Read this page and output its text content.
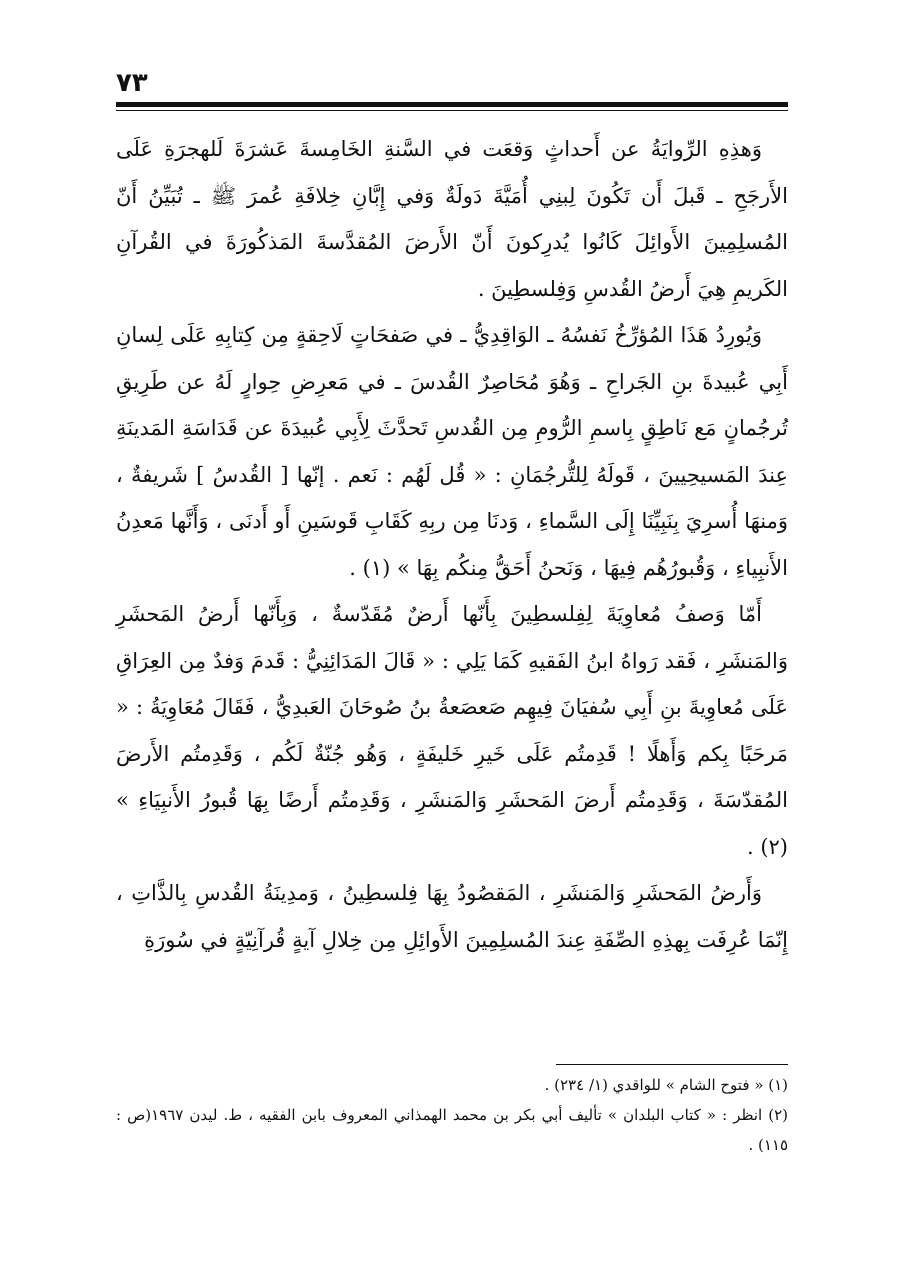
٧٣

وَهذِهِ الرِّوايَةُ عن أَحداثٍ وَقعَت في السَّنةِ الخَامِسةَ عَشرَةَ لَلهجرَةِ عَلَى الأَرجَحِ ـ قَبلَ أَن تَكُونَ لِبنِي أُمَيَّةَ دَولَةٌ وَفي إِبَّانِ خِلافَةِ عُمرَ ﷺ ـ تُبَيِّنُ أَنّ المُسلِمِينَ الأَوائِلَ كَانُوا يُدرِكونَ أَنّ الأَرضَ المُقدَّسةَ المَذكُورَةَ في القُرآنِ الكَريمِ هِيَ أَرضُ القُدسِ وَفِلسطِينَ .

وَيُورِدُ هَذَا المُؤرِّخُ نَفسُهُ ـ الوَاقِدِيُّ ـ في صَفحَاتٍ لَاحِقةٍ مِن كِتابِهِ عَلَى لِسانِ أَبِي عُبيدةَ بنِ الجَراحِ ـ وَهُوَ مُحَاصِرٌ القُدسَ ـ في مَعرِضِ حِوارٍ لَهُ عن طَرِيقِ تُرجُمانٍ مَع نَاطِقٍ بِاسمِ الرُّومِ مِن القُدسِ تَحدَّثَ لِأَبِي عُبيدَةَ عن قَدَاسَةِ المَدينَةِ عِندَ المَسيحِيينَ ، قَولَهُ لِلتُّرجُمَانِ : « قُل لَهُم : نَعم . إنّها [ القُدسُ ] شَريفةٌ ، وَمنهَا أُسرِيَ بِنَبِيِّنَا إِلَى السَّماءِ ، وَدنَا مِن ربِهِ كَقَابِ قَوسَينِ أَو أَدنَى ، وَأَنَّها مَعدِنُ الأَنبِياءِ ، وَقُبورُهُم فِيهَا ، وَنَحنُ أَحَقُّ مِنكُم بِهَا » (١) .

أَمّا وَصفُ مُعاوِيَةَ لِفِلسطِينَ بِأَنّها أَرضٌ مُقَدّسةٌ ، وَبِأَنّها أَرضُ المَحشَرِ وَالمَنشَرِ ، فَقد رَواهُ ابنُ الفَقيهِ كَمَا يَلِي : « قَالَ المَدَائِنِيُّ : قَدمَ وَفدٌ مِن العِرَاقِ عَلَى مُعاوِيةَ بنِ أَبِي سُفيَانَ فِيهِم صَعصَعةُ بنُ صُوحَانَ العَبدِيُّ ، فَقَالَ مُعَاوِيَةُ : « مَرحَبًا بِكم وَأَهلًا ! قَدِمتُم عَلَى خَيرِ خَليفَةٍ ، وَهُو جُنّةٌ لَكُم ، وَقَدِمتُم الأَرضَ المُقدّسَةَ ، وَقَدِمتُم أَرضَ المَحشَرِ وَالمَنشَرِ ، وَقَدِمتُم أَرضًا بِهَا قُبورُ الأَنبِيَاءِ » (٢) .

وَأَرضُ المَحشَرِ وَالمَنشَرِ ، المَقصُودُ بِهَا فِلسطِينُ ، وَمدِينَةُ القُدسِ بِالذَّاتِ ، إِنّمَا عُرِفَت بِهذِهِ الصِّفَةِ عِندَ المُسلِمِينَ الأَوائِلِ مِن خِلالِ آيةٍ قُرآنِيّةٍ في سُورَةِ

(١) « فتوح الشام » للواقدي (١/ ٢٣٤) .

(٢) انظر : « كتاب البلدان » تأليف أبي بكر بن محمد الهمذاني المعروف بابن الفقيه ، ط. ليدن ١٩٦٧(ص : ١١٥) .
